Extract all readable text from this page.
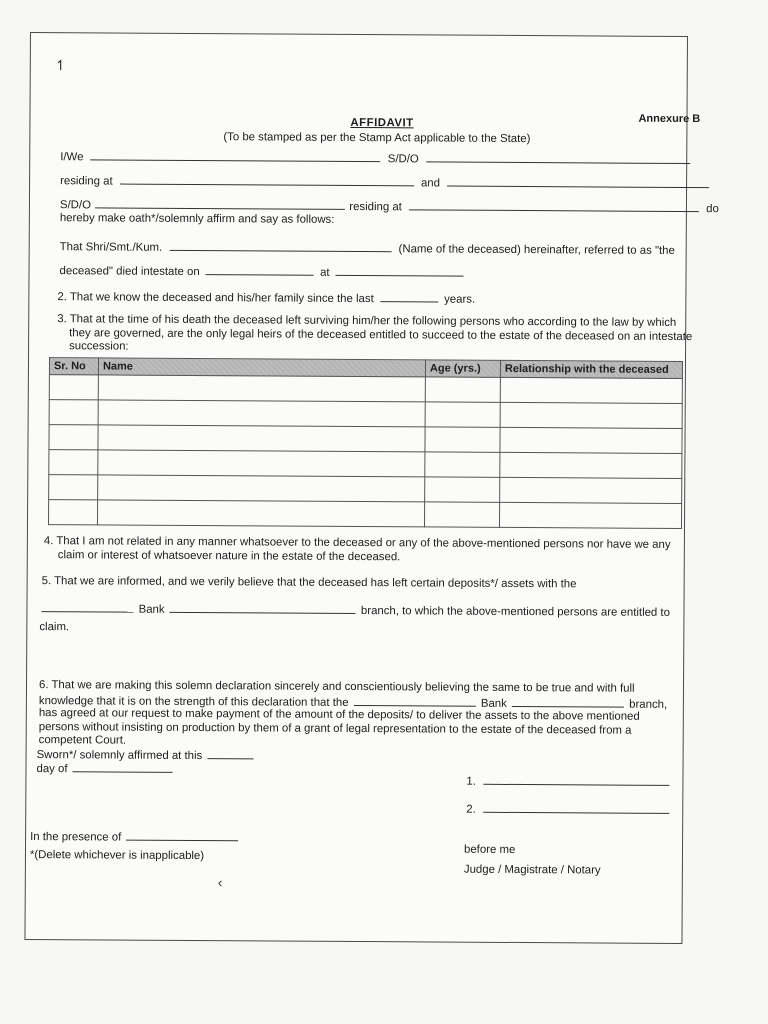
↿
Annexure B
AFFIDAVIT
(To be stamped as per the Stamp Act applicable to the State)
I/We	S/D/O
residing at	and
S/D/O	residing at	do
hereby make oath*/solemnly affirm and say as follows:
That Shri/Smt./Kum.	(Name of the deceased) hereinafter, referred to as "the
deceased" died intestate on	at
2. That we know the deceased and his/her family since the last	years.
3. That at the time of his death the deceased left surviving him/her the following persons who according to the law by which
they are governed, are the only legal heirs of the deceased entitled to succeed to the estate of the deceased on an intestate
succession:
Sr. No	Name	Age (yrs.)	Relationship with the deceased

4. That I am not related in any manner whatsoever to the deceased or any of the above-mentioned persons nor have we any
claim or interest of whatsoever nature in the estate of the deceased.
5. That we are informed, and we verily believe that the deceased has left certain deposits*/ assets with the
Bank	branch, to which the above-mentioned persons are entitled to
claim.
6. That we are making this solemn declaration sincerely and conscientiously believing the same to be true and with full
knowledge that it is on the strength of this declaration that the	Bank	branch,
has agreed at our request to make payment of the amount of the deposits/ to deliver the assets to the above mentioned
persons without insisting on production by them of a grant of legal representation to the estate of the deceased from a
competent Court.
Sworn*/ solemnly affirmed at this
day of
1.
2.
In the presence of
*(Delete whichever is inapplicable)	before me
Judge / Magistrate / Notary
‹
